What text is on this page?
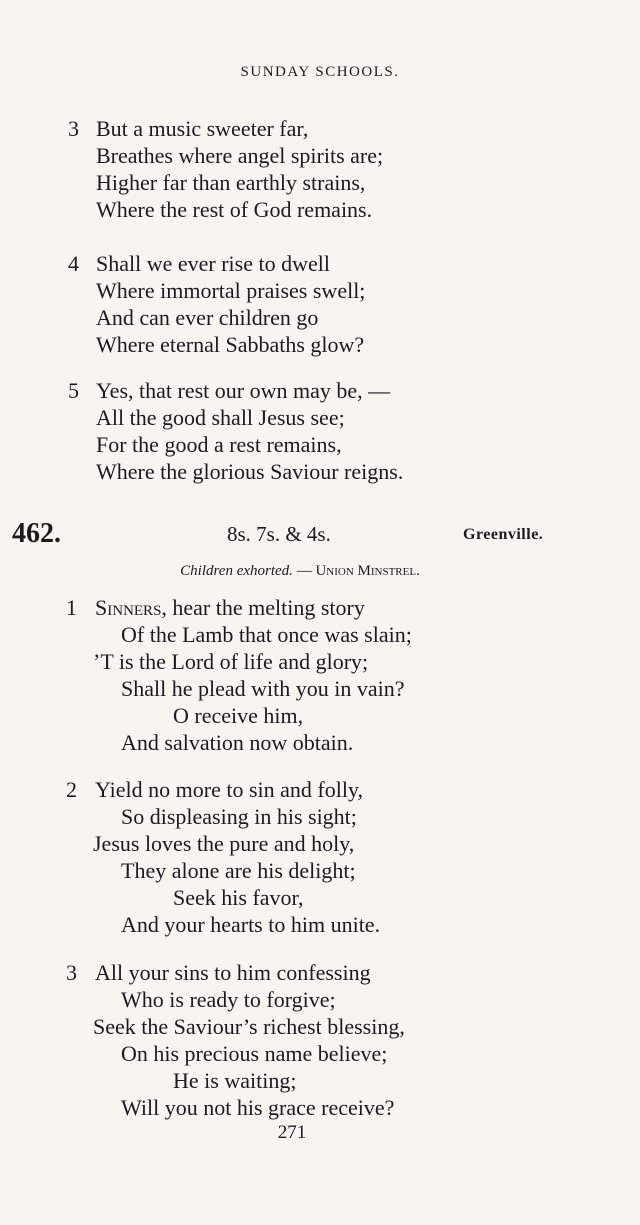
SUNDAY SCHOOLS.
3 But a music sweeter far,
Breathes where angel spirits are;
Higher far than earthly strains,
Where the rest of God remains.
4 Shall we ever rise to dwell
Where immortal praises swell;
And can ever children go
Where eternal Sabbaths glow?
5 Yes, that rest our own may be, —
All the good shall Jesus see;
For the good a rest remains,
Where the glorious Saviour reigns.
462.	8s. 7s. & 4s.	Greenville.
Children exhorted. — Union Minstrel.
1 Sinners, hear the melting story
Of the Lamb that once was slain;
’T is the Lord of life and glory;
Shall he plead with you in vain?
O receive him,
And salvation now obtain.
2 Yield no more to sin and folly,
So displeasing in his sight;
Jesus loves the pure and holy,
They alone are his delight;
Seek his favor,
And your hearts to him unite.
3 All your sins to him confessing
Who is ready to forgive;
Seek the Saviour’s richest blessing,
On his precious name believe;
He is waiting;
Will you not his grace receive?
271
